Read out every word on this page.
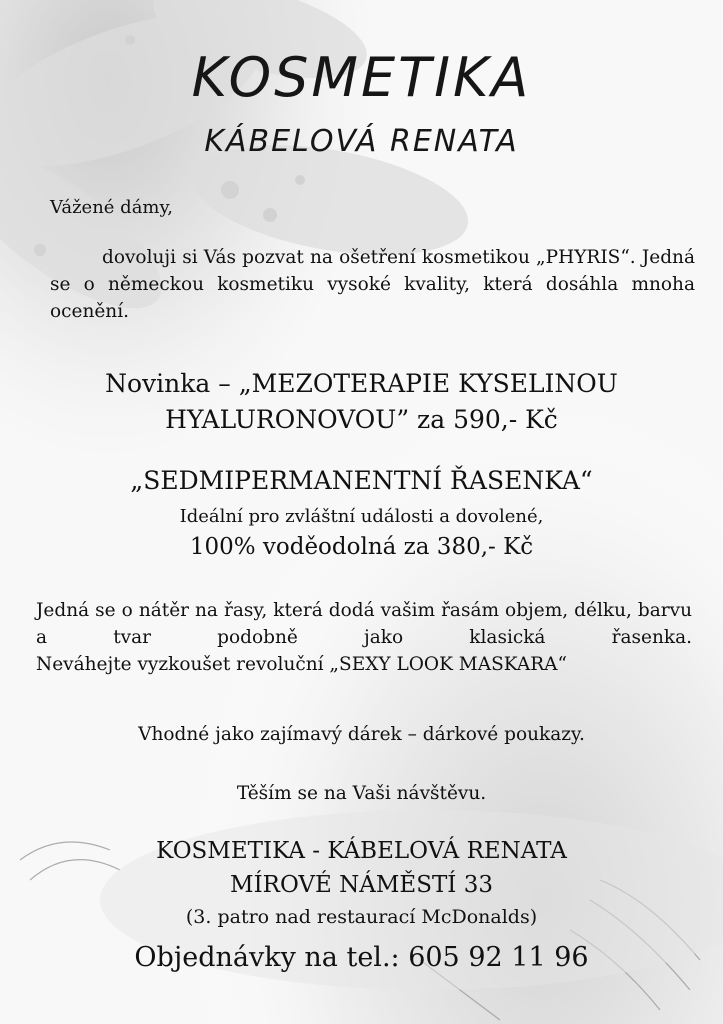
KOSMETIKA
KÁBELOVÁ RENATA
Vážené dámy,
dovoluji si Vás pozvat na ošetření kosmetikou „PHYRIS“. Jedná se o německou kosmetiku vysoké kvality, která dosáhla mnoha ocenění.
Novinka – „MEZOTERAPIE KYSELINOU
HYALURONOVOU” za 590,- Kč
„SEDMIPERMANENTNÍ ŘASENKA“
Ideální pro zvláštní události a dovolené,
100% voděodolná za 380,- Kč
Jedná se o nátěr na řasy, která dodá vašim řasám objem, délku, barvu a tvar podobně jako klasická řasenka.
Neváhejte vyzkoušet revoluční „SEXY LOOK MASKARA“
Vhodné jako zajímavý dárek – dárkové poukazy.
Těším se na Vaši návštěvu.
KOSMETIKA - KÁBELOVÁ RENATA
MÍROVÉ NÁMĚSTÍ 33
(3. patro nad restaurací McDonalds)
Objednávky na tel.: 605 92 11 96
